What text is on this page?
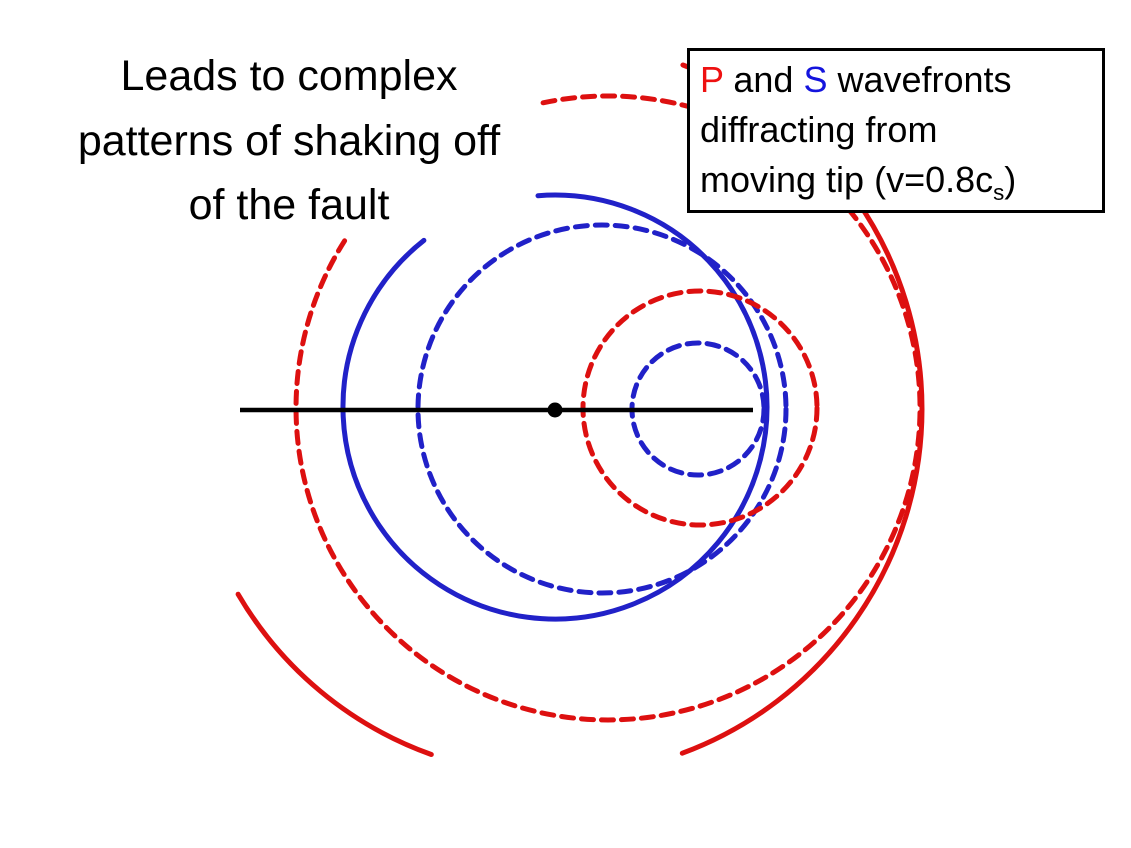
Leads to complex
patterns of shaking off
of the fault
P and S wavefronts
diffracting from
moving tip $(v=0.8c_s)$
